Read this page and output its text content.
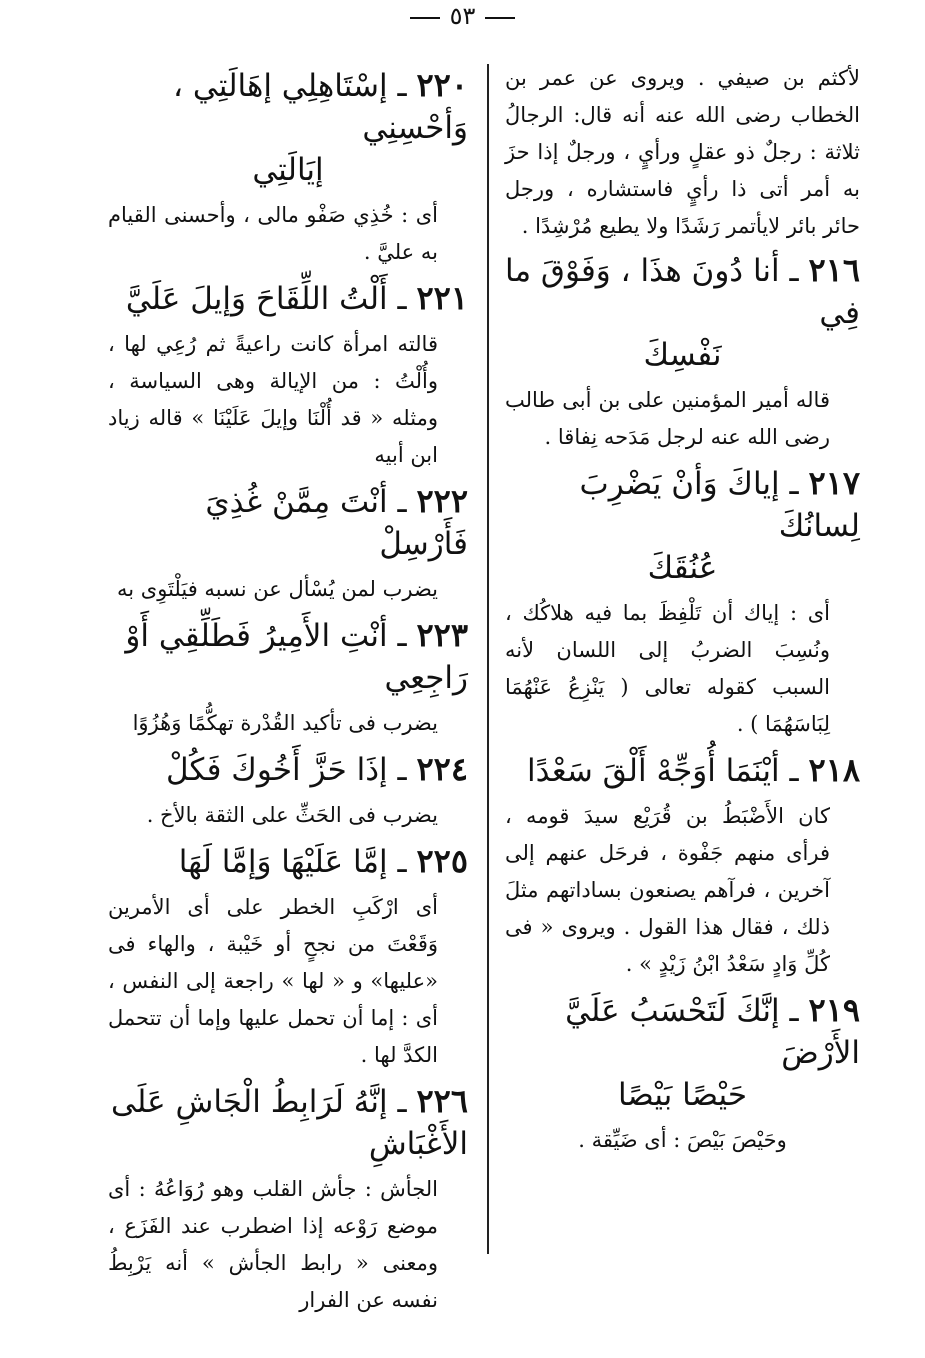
٥٣

لأكثم بن صيفي . ويروى عن عمر بن الخطاب رضى الله عنه أنه قال: الرجالُ ثلاثة : رجلٌ ذو عقلٍ ورأيٍ ، ورجلٌ إذا حزَ به أمر أتى ذا رأيٍ فاستشاره ، ورجل حائر بائر لايأتمر رَشَدًا ولا يطيع مُرْشِدًا .

٢١٦ ـ أنا دُونَ هذَا ، وَفَوْقَ ما فِي
نَفْسِكَ

قاله أمير المؤمنين على بن أبى طالب رضى الله عنه لرجل مَدَحه نِفاقا .

٢١٧ ـ إياكَ وَأنْ يَضْرِبَ لِسانُكَ
عُنُقَكَ

أى : إياك أن تَلْفِظَ بما فيه هلاكُك ، ونُسِبَ الضربُ إلى اللسان لأنه السبب كقوله تعالى ( يَنْزِعُ عَنْهُمَا لِبَاسَهُمَا ) .

٢١٨ ـ أيْنَمَا أُوَجِّهْ أَلْقَ سَعْدًا

كان الأَضْبَطُ بن قُرَيْع سيدَ قومه ، فرأى منهم جَفْوة ، فرحَل عنهم إلى آخرين ، فرآهم يصنعون بساداتهم مثلَ ذلك ، فقال هذا القول . ويروى « فى كُلِّ وَادٍ سَعْدُ ابْنُ زَيْدٍ » .

٢١٩ ـ إنَّكَ لَتَحْسَبُ عَلَيَّ الأَرْضَ
حَيْصًا بَيْصًا

وحَيْصَ بَيْصَ : أى ضَيِّقة .

٢٢٠ ـ إسْتَاهِلِي إهَالَتِي ، وَأحْسِنِي
إيَالَتِي

أى : خُذِي صَفْو مالى ، وأحسنى القيام به عليَّ .

٢٢١ ـ أَلْتُ اللِّقَاحَ وَإيلَ عَلَيَّ

قالته امرأة كانت راعيةً ثم رُعِي لها ، وأُلْتُ : من الإيالة وهى السياسة ، ومثله « قد أُلْنَا وإيلَ عَلَيْنَا » قاله زياد ابن أبيه

٢٢٢ ـ أنْتَ مِمَّنْ غُذِيَ فَأَرْسِلْ

يضرب لمن يُسْأل عن نسبه فيَلْتَوِى به

٢٢٣ ـ أنْتِ الأَمِيرُ فَطَلِّقِي أَوْ رَاجِعِي

يضرب فى تأكيد القُدْرة تهكُّمًا وَهُزُوًا

٢٢٤ ـ إذَا حَزَّ أَخُوكَ فَكُلْ

يضرب فى الحَثِّ على الثقة بالأخ .

٢٢٥ ـ إمَّا عَلَيْهَا وَإمَّا لَهَا

أى ارْكَبِ الخطر على أى الأمرين وَقَعْتَ من نجحٍ أو خَيْبة ، والهاء فى «عليها» و « لها » راجعة إلى النفس ، أى : إما أن تحمل عليها وإما أن تتحمل الكدَّ لها .

٢٢٦ ـ إنَّهُ لَرَابِطُ الْجَاشِ عَلَى الأَغْبَاشِ

الجأش : جأش القلب وهو رُوَاعُهُ : أى موضع رَوْعه إذا اضطرب عند الفَزَع ، ومعنى « رابط الجأش » أنه يَرْبِطُ نفسه عن الفرار
